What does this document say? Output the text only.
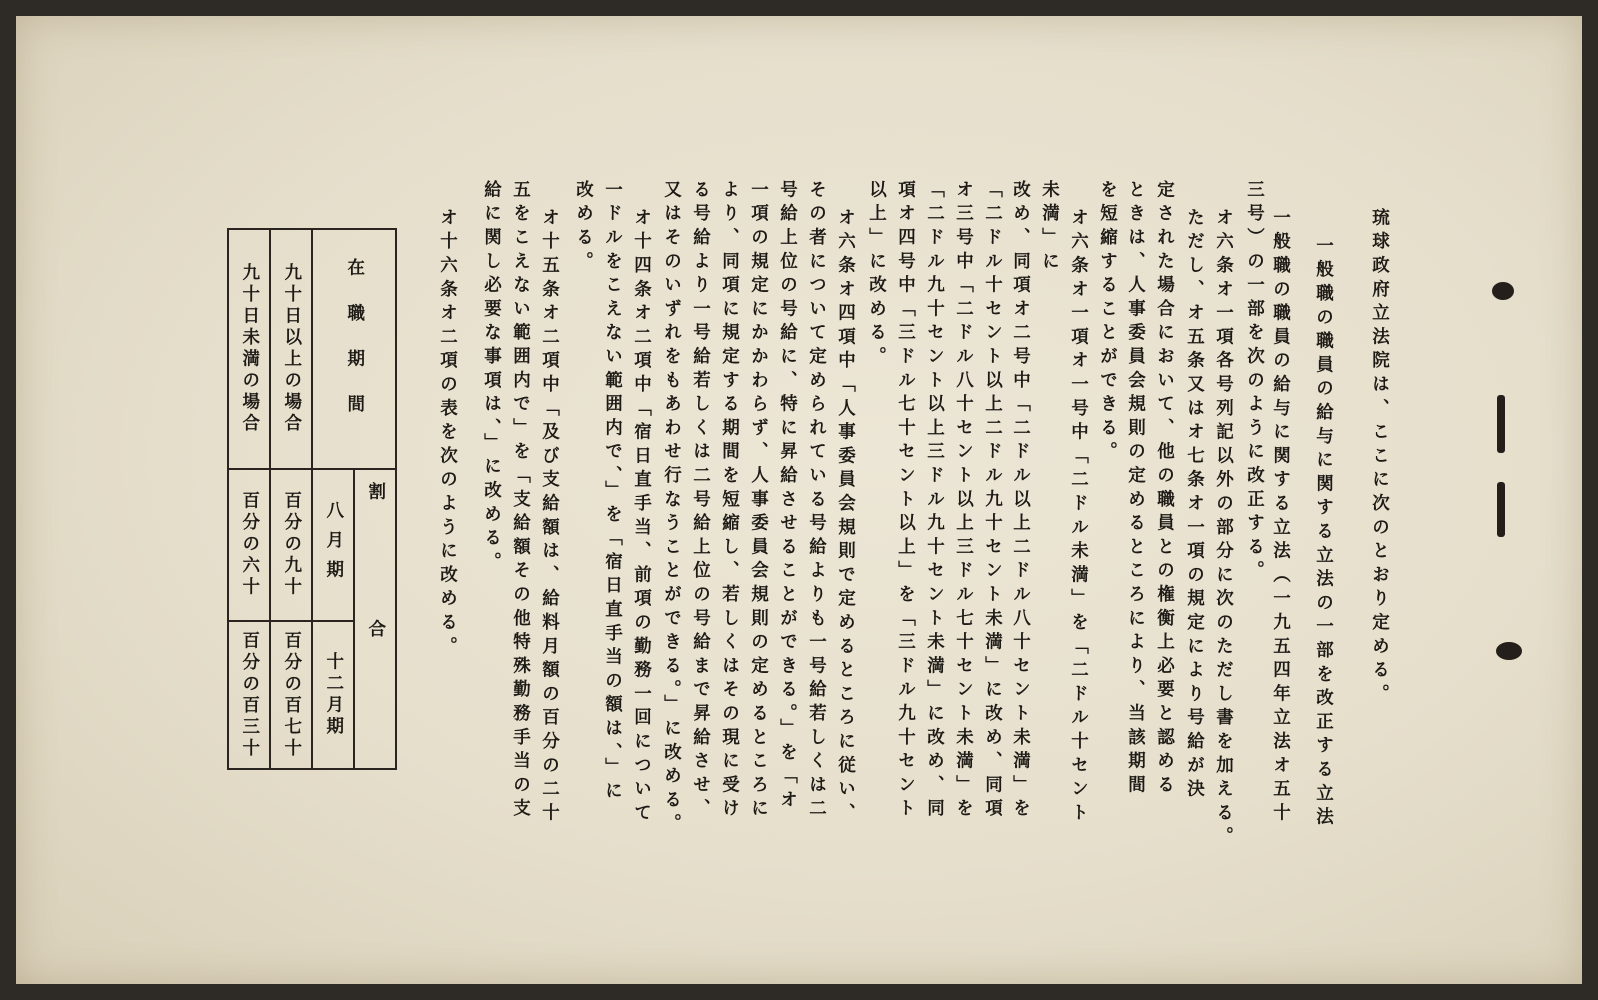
琉球政府立法院は、ここに次のとおり定める。
一般職の職員の給与に関する立法の一部を改正する立法
三号）の一部を次のように改正する。 一般職の職員の給与に関する立法（一九五四年立法オ五十
オ六条オ一項各号列記以外の部分に次のただし書を加える。
ただし、オ五条又はオ七条オ一項の規定により号給が決
定された場合において、他の職員との権衡上必要と認める
ときは、人事委員会規則の定めるところにより、当該期間
を短縮することができる。
オ六条オ一項オ一号中「二ドル未満」を「二ドル十セント
未満」に
改め、同項オ二号中「二ドル以上二ドル八十セント未満」を
「二ドル十セント以上二ドル九十セント未満」に改め、同項
オ三号中「二ドル八十セント以上三ドル七十セント未満」を
「二ドル九十セント以上三ドル九十セント未満」に改め、同
項オ四号中「三ドル七十セント以上」を「三ドル九十セント
以上」に改める。
オ六条オ四項中「人事委員会規則で定めるところに従い、
その者について定められている号給よりも一号給若しくは二
号給上位の号給に、特に昇給させることができる。」を「オ
一項の規定にかかわらず、人事委員会規則の定めるところに
より、同項に規定する期間を短縮し、若しくはその現に受け
る号給より一号給若しくは二号給上位の号給まで昇給させ、
又はそのいずれをもあわせ行なうことができる。」に改める。
オ十四条オ二項中「宿日直手当、前項の勤務一回について
一ドルをこえない範囲内で、」を「宿日直手当の額は、」に
改める。
オ十五条オ二項中「及び支給額は、給料月額の百分の二十
五をこえない範囲内で」を「支給額その他特殊勤務手当の支
給に関し必要な事項は、」に改める。
オ十六条オ二項の表を次のように改める。
九十日未満の場合	九十日以上の場合	在職期間	

百分の六十	百分の九十	八月期	割合

百分の百三十	百分の百七十	十二月期	
